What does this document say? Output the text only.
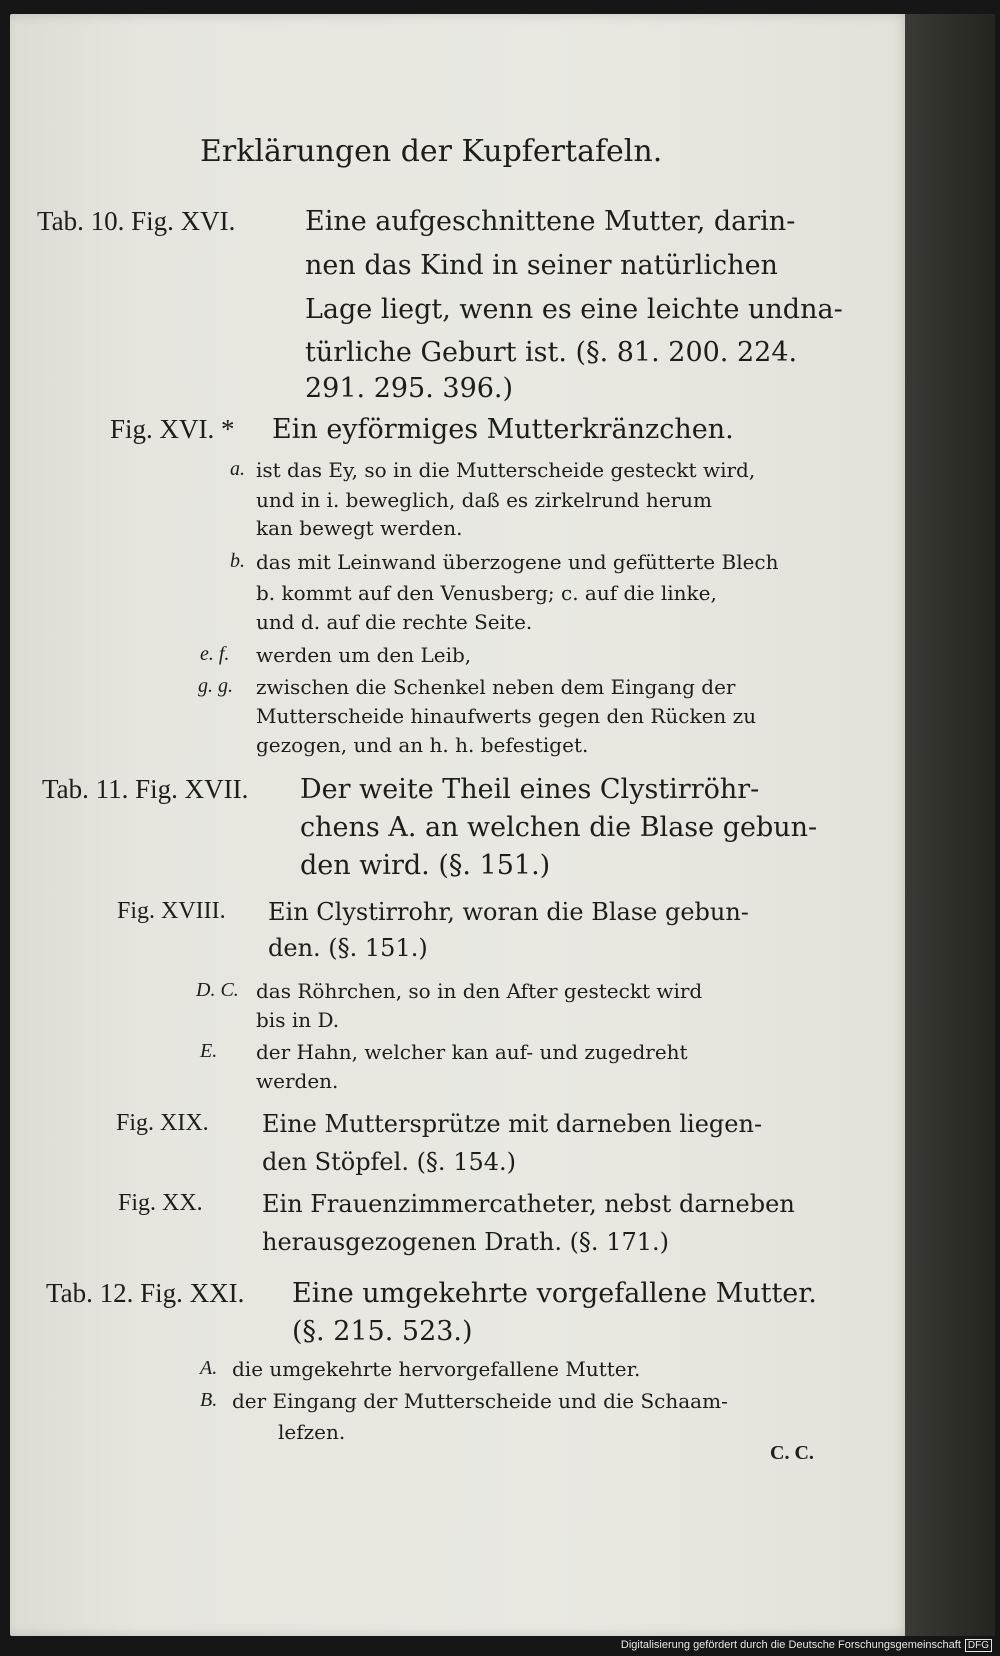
Erklärungen der Kupfertafeln.
Tab. 10. Fig. XVI.	Eine aufgeschnittene Mutter, darin-
nen das Kind in seiner natürlichen
Lage liegt, wenn es eine leichte undna-
türliche Geburt ist. (§. 81. 200. 224.
291. 295. 396.)
Fig. XVI. * Ein eyförmiges Mutterkränzchen.
a. ist das Ey, so in die Mutterscheide gesteckt wird,
und in i. beweglich, daß es zirkelrund herum
kan bewegt werden.
b. das mit Leinwand überzogene und gefütterte Blech
b. kommt auf den Venusberg; c. auf die linke,
und d. auf die rechte Seite.
e. f. werden um den Leib,
g. g. zwischen die Schenkel neben dem Eingang der
Mutterscheide hinaufwerts gegen den Rücken zu
gezogen, und an h. h. befestiget.
Tab. 11. Fig. XVII. Der weite Theil eines Clystirröhr-
chens A. an welchen die Blase gebun-
den wird. (§. 151.)
Fig. XVIII. Ein Clystirrohr, woran die Blase gebun-
den. (§. 151.)
D. C. das Röhrchen, so in den After gesteckt wird
bis in D.
E. der Hahn, welcher kan auf- und zugedreht
werden.
Fig. XIX. Eine Muttersprütze mit darneben liegen-
den Stöpfel. (§. 154.)
Fig. XX. Ein Frauenzimmercatheter, nebst darneben
herausgezogenen Drath. (§. 171.)
Tab. 12. Fig. XXI. Eine umgekehrte vorgefallene Mutter.
(§. 215. 523.)
A. die umgekehrte hervorgefallene Mutter.
B. der Eingang der Mutterscheide und die Schaam-
lefzen.
C. C.
Digitalisierung gefördert durch die Deutsche Forschungsgemeinschaft DFG
